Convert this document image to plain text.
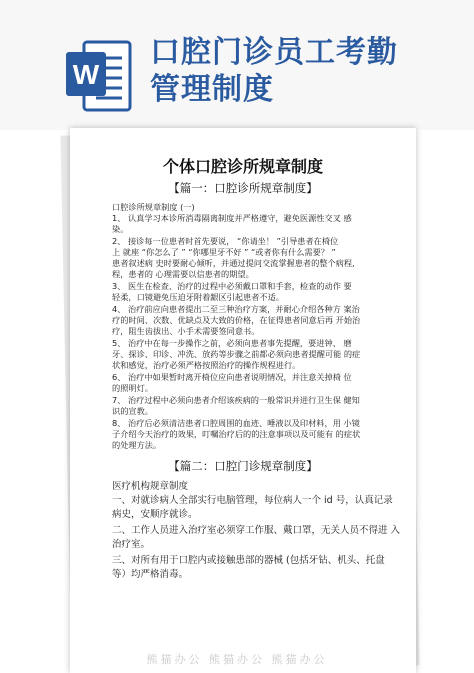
W
口腔门诊员工考勤
管理制度
个体口腔诊所规章制度
【篇一：口腔诊所规章制度】
口腔诊所规章制度 (一)
1、 认真学习本诊所消毒隔离制度并严格遵守，避免医源性交叉 感
染。
2、 接诊每一位患者时首先要说， “你请坐！ ”引导患者在椅位
上 就座 “你怎么了 ” “你哪里牙不好 ” “或者你有什么需要？ ”
患者叙述病 史时要耐心倾听，并通过提问交流掌握患者的整个病程,
程，患者的 心理需要以信患者的期望。
3、 医生在检查、治疗的过程中必须戴口罩和手套，检查的动作 要
轻柔，口镜避免压迫牙附着龈区引起患者不适。
4、 治疗前应向患者提出二至三种治疗方案，并耐心介绍各种方 案治
疗的时间、次数、优缺点及大致的价格，在征得患者同意后再 开始治
疗，阻生齿拔出、小手术需要签同意书。
5、 治疗中在每一步操作之前，必须向患者事先提醒，要进钟、 磨
牙、探诊、印诊、冲洗、放药等步骤之前都必须向患者提醒可能 的症
状和感觉，治疗必须严格按照治疗的操作规程进行。
6、 治疗中如果暂时离开椅位应向患者说明情况，并注意关掉椅 位
的照明灯。
7、 治疗过程中必须向患者介绍该疾病的一般常识并进行卫生保 健知
识的宣教。
8、 治疗后必须清洁患者口腔周围的血迹、唾液以及印材料，用 小镜
子介绍今天治疗的效果，叮嘱治疗后的的注意事项以及可能有 的症状
的处理方法。
【篇二：口腔门诊规章制度】
医疗机构规章制度
一、对就诊病人全部实行电脑管理，每位病人一个 id 号，认真记录
病史，安顺序就诊。
二、工作人员进入治疗室必须穿工作服、戴口罩，无关人员不得进 入
治疗室。
三、对所有用于口腔内或接触患部的器械 (包括牙钻、机头、托盘
等）均严格消毒。
熊猫办公 熊猫办公 熊猫办公
